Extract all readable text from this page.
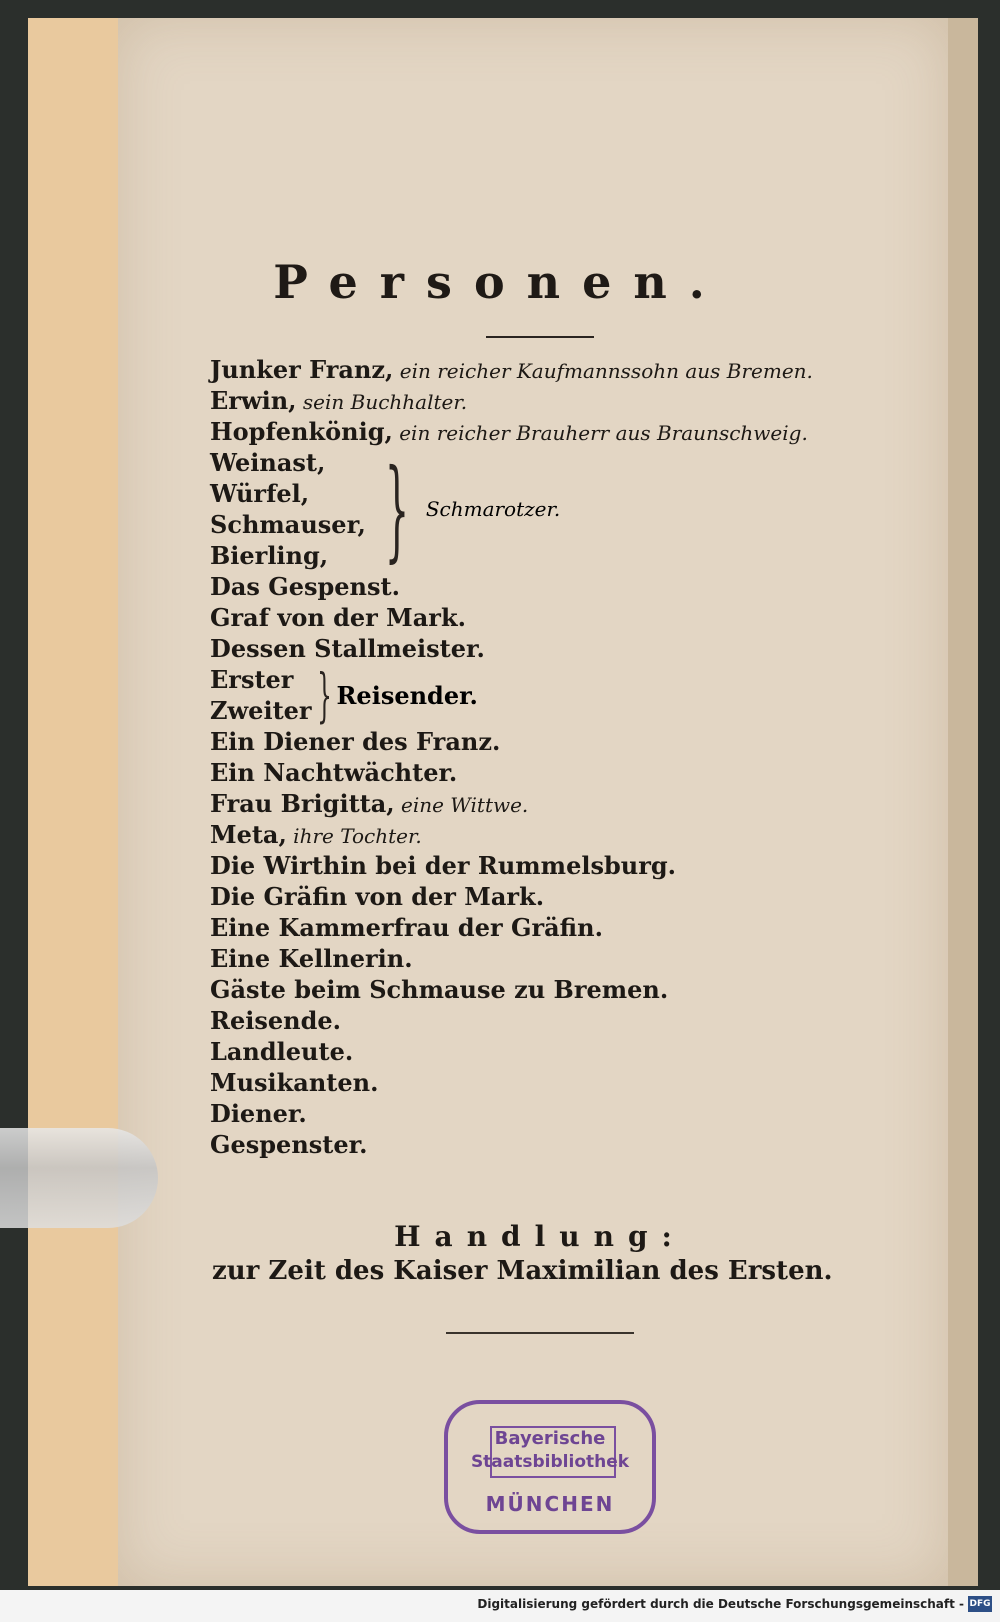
Personen.
Junker Franz, ein reicher Kaufmannssohn aus Bremen.
Erwin, sein Buchhalter.
Hopfenkönig, ein reicher Brauherr aus Braunschweig.
Weinast,
Würfel,
Schmauser,
Bierling, } Schmarotzer.
Das Gespenst.
Graf von der Mark.
Dessen Stallmeister.
Erster
Zweiter } Reisender.
Ein Diener des Franz.
Ein Nachtwächter.
Frau Brigitta, eine Wittwe.
Meta, ihre Tochter.
Die Wirthin bei der Rummelsburg.
Die Gräfin von der Mark.
Eine Kammerfrau der Gräfin.
Eine Kellnerin.
Gäste beim Schmause zu Bremen.
Reisende.
Landleute.
Musikanten.
Diener.
Gespenster.
Handlung:
zur Zeit des Kaiser Maximilian des Ersten.
Bayerische
Staatsbibliothek
MÜNCHEN
Digitalisierung gefördert durch die Deutsche Forschungsgemeinschaft - DFG
